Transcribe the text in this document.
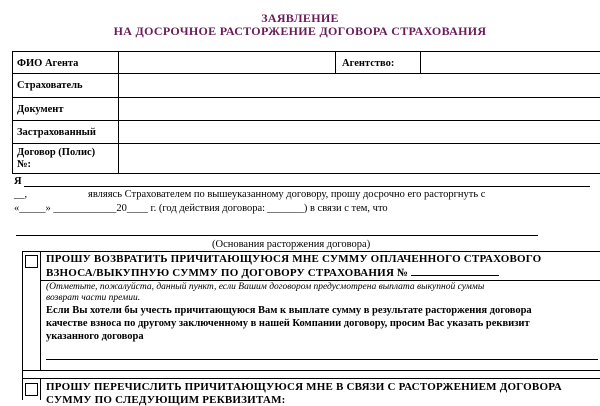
ЗАЯВЛЕНИЕ
НА ДОСРОЧНОЕ РАСТОРЖЕНИЕ ДОГОВОРА СТРАХОВАНИЯ
ФИО Агента	Агентство:
Страхователь
Документ
Застрахованный
Договор (Полис)
№:
Я
__,	являясь Страхователем по вышеуказанному договору, прошу досрочно его расторгнуть с
«_____» ____________20____ г. (год действия договора: _______) в связи с тем, что
(Основания расторжения договора)
ПРОШУ ВОЗВРАТИТЬ ПРИЧИТАЮЩУЮСЯ МНЕ СУММУ ОПЛАЧЕННОГО СТРАХОВОГО
ВЗНОСА/ВЫКУПНУЮ СУММУ ПО ДОГОВОРУ СТРАХОВАНИЯ №
(Отметьте, пожалуйста, данный пункт, если Вашим договором предусмотрена выплата выкупной суммы
возврат части премии.
Если Вы хотели бы учесть причитающуюся Вам к выплате сумму в результате расторжения договора
качестве взноса по другому заключенному в нашей Компании договору, просим Вас указать реквизит
указанного договора
ПРОШУ ПЕРЕЧИСЛИТЬ ПРИЧИТАЮЩУЮСЯ МНЕ В СВЯЗИ С РАСТОРЖЕНИЕМ ДОГОВОРА
СУММУ ПО СЛЕДУЮЩИМ РЕКВИЗИТАМ:
